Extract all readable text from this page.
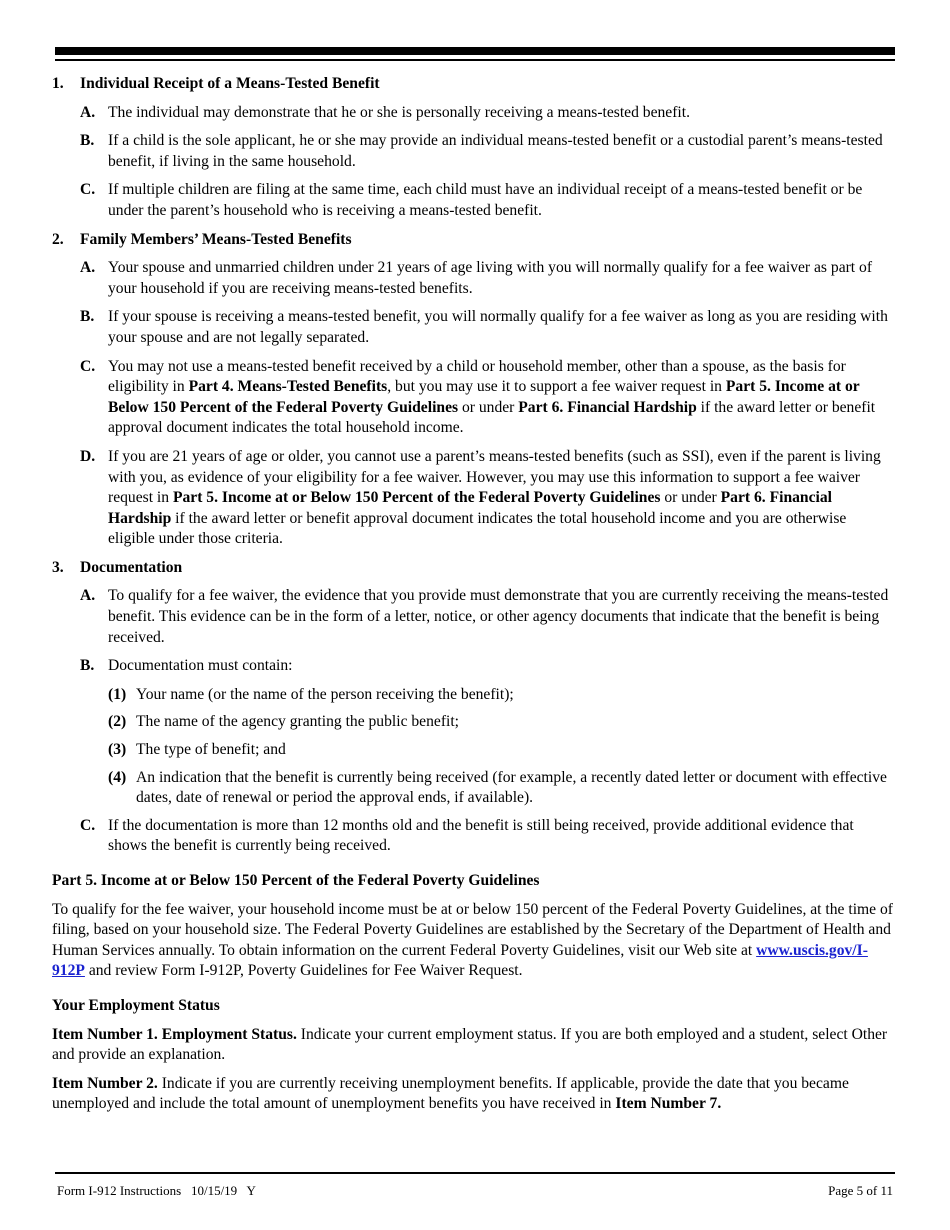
1. Individual Receipt of a Means-Tested Benefit
A. The individual may demonstrate that he or she is personally receiving a means-tested benefit.
B. If a child is the sole applicant, he or she may provide an individual means-tested benefit or a custodial parent’s means-tested benefit, if living in the same household.
C. If multiple children are filing at the same time, each child must have an individual receipt of a means-tested benefit or be under the parent’s household who is receiving a means-tested benefit.
2. Family Members’ Means-Tested Benefits
A. Your spouse and unmarried children under 21 years of age living with you will normally qualify for a fee waiver as part of your household if you are receiving means-tested benefits.
B. If your spouse is receiving a means-tested benefit, you will normally qualify for a fee waiver as long as you are residing with your spouse and are not legally separated.
C. You may not use a means-tested benefit received by a child or household member, other than a spouse, as the basis for eligibility in Part 4. Means-Tested Benefits, but you may use it to support a fee waiver request in Part 5. Income at or Below 150 Percent of the Federal Poverty Guidelines or under Part 6. Financial Hardship if the award letter or benefit approval document indicates the total household income.
D. If you are 21 years of age or older, you cannot use a parent’s means-tested benefits (such as SSI), even if the parent is living with you, as evidence of your eligibility for a fee waiver. However, you may use this information to support a fee waiver request in Part 5. Income at or Below 150 Percent of the Federal Poverty Guidelines or under Part 6. Financial Hardship if the award letter or benefit approval document indicates the total household income and you are otherwise eligible under those criteria.
3. Documentation
A. To qualify for a fee waiver, the evidence that you provide must demonstrate that you are currently receiving the means-tested benefit. This evidence can be in the form of a letter, notice, or other agency documents that indicate that the benefit is being received.
B. Documentation must contain:
(1) Your name (or the name of the person receiving the benefit);
(2) The name of the agency granting the public benefit;
(3) The type of benefit; and
(4) An indication that the benefit is currently being received (for example, a recently dated letter or document with effective dates, date of renewal or period the approval ends, if available).
C. If the documentation is more than 12 months old and the benefit is still being received, provide additional evidence that shows the benefit is currently being received.
Part 5. Income at or Below 150 Percent of the Federal Poverty Guidelines
To qualify for the fee waiver, your household income must be at or below 150 percent of the Federal Poverty Guidelines, at the time of filing, based on your household size. The Federal Poverty Guidelines are established by the Secretary of the Department of Health and Human Services annually. To obtain information on the current Federal Poverty Guidelines, visit our Web site at www.uscis.gov/I-912P and review Form I-912P, Poverty Guidelines for Fee Waiver Request.
Your Employment Status
Item Number 1. Employment Status. Indicate your current employment status. If you are both employed and a student, select Other and provide an explanation.
Item Number 2. Indicate if you are currently receiving unemployment benefits. If applicable, provide the date that you became unemployed and include the total amount of unemployment benefits you have received in Item Number 7.
Form I-912 Instructions   10/15/19   Y	Page 5 of 11
